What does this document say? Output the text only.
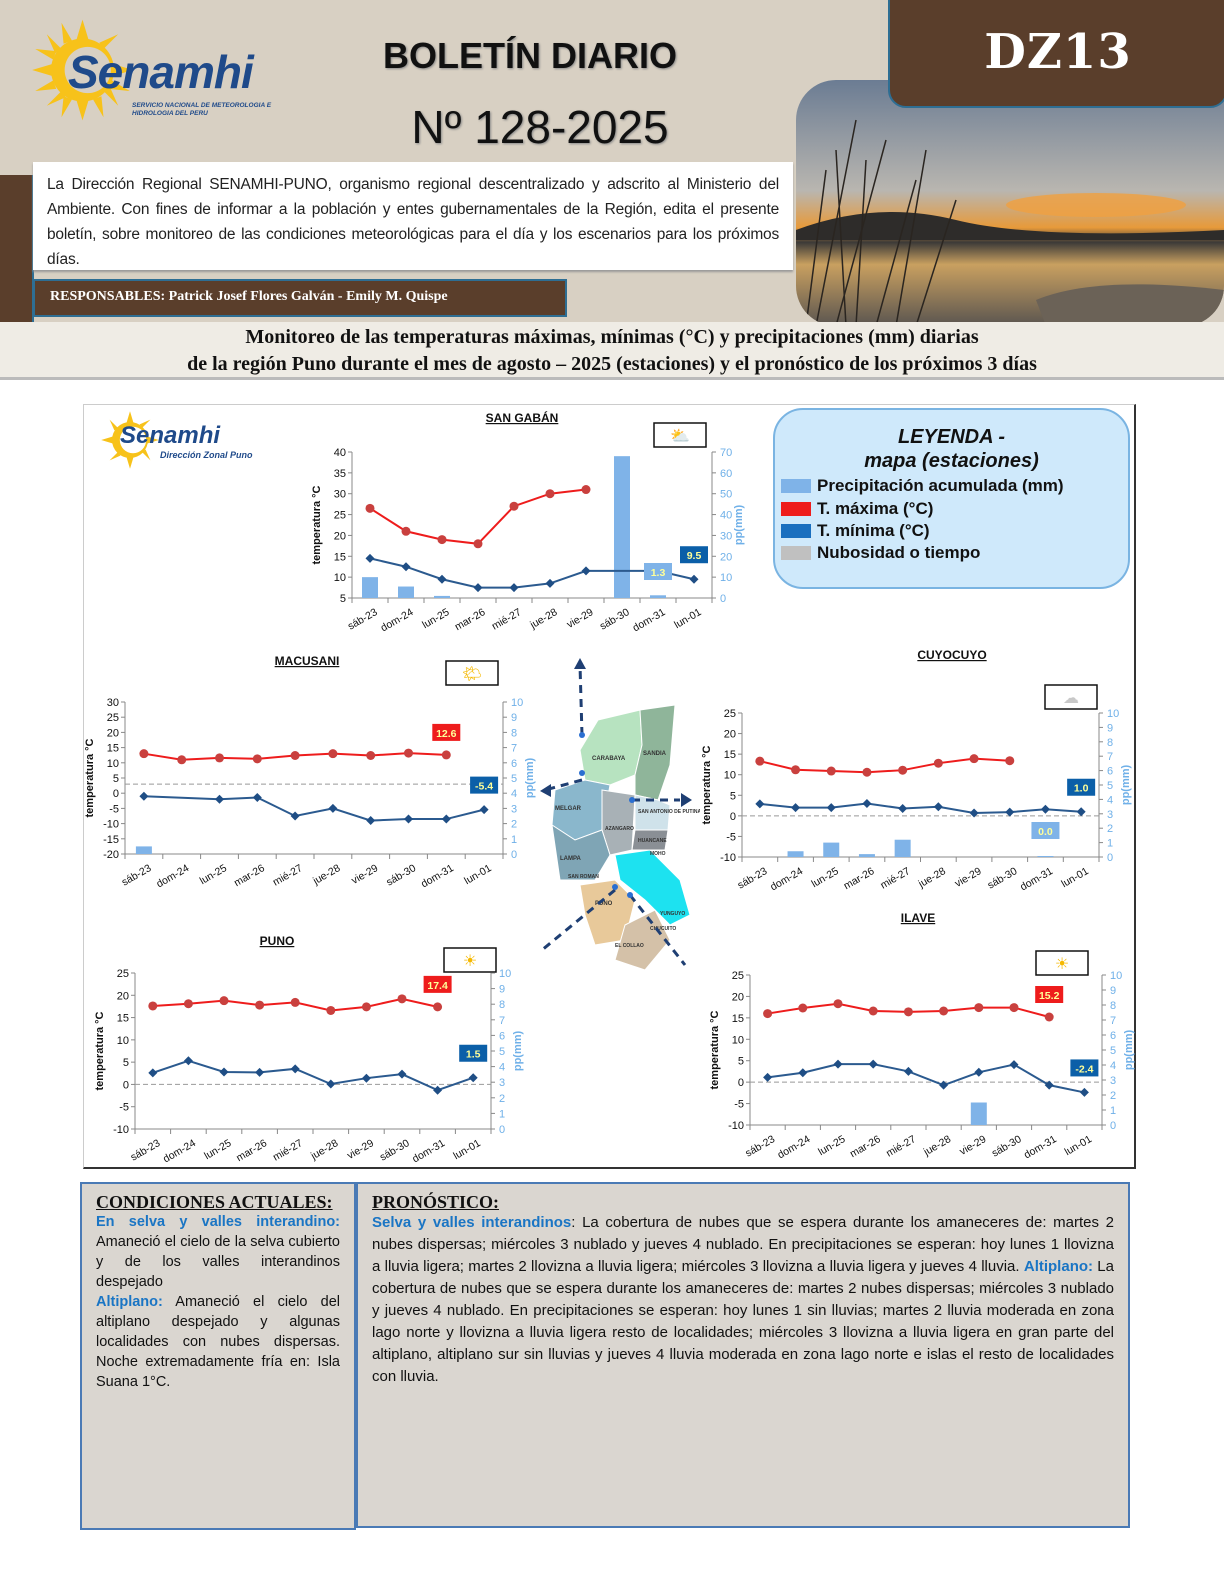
Senamhi
SERVICIO NACIONAL DE METEOROLOGIA E HIDROLOGIA DEL PERU
BOLETÍN DIARIO
Nº 128-2025
DZ13
La Dirección Regional SENAMHI-PUNO, organismo regional descentralizado y adscrito al Ministerio del Ambiente. Con fines de informar a la población y entes gubernamentales de la Región, edita el presente boletín, sobre monitoreo de las condiciones meteorológicas para el día y los escenarios para los próximos días.
RESPONSABLES: Patrick Josef Flores Galván - Emily M. Quispe
Monitoreo de las temperaturas máximas, mínimas (°C) y precipitaciones (mm) diarias
de la región Puno durante el mes de agosto – 2025 (estaciones) y el pronóstico de los próximos 3 días
Senamhi
Dirección Zonal Puno
LEYENDA -
mapa (estaciones)
Precipitación acumulada (mm)
T. máxima (°C)
T. mínima (°C)
Nubosidad o tiempo
SAN GABÁN
⛅
5
10
15
20
25
30
35
40
0
10
20
30
40
50
60
70
temperatura °C	pp(mm)
sáb-23 dom-24 lun-25 mar-26 mié-27 jue-28 vie-29 sáb-30 dom-31 lun-01
9.5
1.3
MACUSANI
🌤
-20
-15
-10
-5
0
5
10
15
20
25
30
0
1
2
3
4
5
6
7
8
9
10
temperatura °C	pp(mm)
sáb-23 dom-24 lun-25 mar-26 mié-27 jue-28 vie-29 sáb-30 dom-31 lun-01
12.6
-5.4
CUYOCUYO
☁
-10
-5
0
5
10
15
20
25
0
1
2
3
4
5
6
7
8
9
10
temperatura °C	pp(mm)
sáb-23
dom-24 lun-25 mar-26 mié-27 jue-28 vie-29 sáb-30
dom-31 lun-01
1.0
0.0
PUNO
☀
-10
-5
0
5
10
15
20
25
0
1
2
3
4
5
6
7
8
9
10
temperatura °C	pp(mm)
sáb-23
dom-24 lun-25 mar-26 mié-27 jue-28 vie-29 sáb-30
dom-31 lun-01
17.4
1.5
ILAVE
☀
-10
-5
0
5
10
15
20
25
0
1
2
3
4
5
6
7
8
9
10
temperatura °C	pp(mm)
sáb-23
dom-24 lun-25 mar-26 mié-27 jue-28 vie-29 sáb-30
dom-31 lun-01
15.2
-2.4
CARABAYA
SANDIA
MELGAR	SAN ANTONIO DE PUTINA
AZANGARO
HUANCANE
MOHO
LAMPA
SAN ROMAN
PUNO
YUNGUYO
CHUCUITO
EL COLLAO
CONDICIONES ACTUALES:
En selva y valles interandino: Amaneció el cielo de la selva cubierto y de los valles interandinos despejado
Altiplano: Amaneció el cielo del altiplano despejado y algunas localidades con nubes dispersas. Noche extremadamente fría en: Isla Suana 1°C.
PRONÓSTICO:
Selva y valles interandinos: La cobertura de nubes que se espera durante los amaneceres de: martes 2 nubes dispersas; miércoles 3 nublado y jueves 4 nublado. En precipitaciones se esperan: hoy lunes 1 llovizna a lluvia ligera; martes 2 llovizna a lluvia ligera; miércoles 3 llovizna a lluvia ligera y jueves 4 lluvia. Altiplano: La cobertura de nubes que se espera durante los amaneceres de: martes 2 nubes dispersas; miércoles 3 nublado y jueves 4 nublado. En precipitaciones se esperan: hoy lunes 1 sin lluvias; martes 2 lluvia moderada en zona lago norte y llovizna a lluvia ligera resto de localidades; miércoles 3 llovizna a lluvia ligera en gran parte del altiplano, altiplano sur sin lluvias y jueves 4 lluvia moderada en zona lago norte e islas el resto de localidades con lluvia.
